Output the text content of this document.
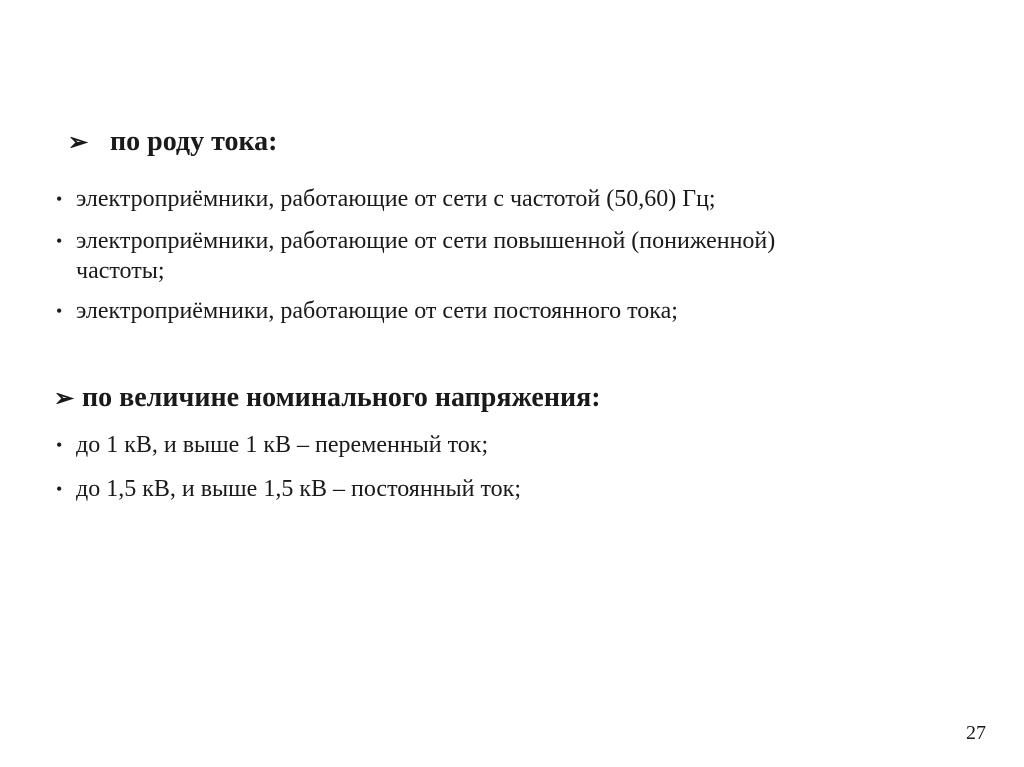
➢ по роду тока:
• электроприёмники, работающие от сети с частотой (50,60) Гц;
• электроприёмники, работающие от сети повышенной (пониженной)
частоты;
• электроприёмники, работающие от сети постоянного тока;
➢ по величине номинального напряжения:
• до 1 кВ, и выше 1 кВ – переменный ток;
• до 1,5 кВ, и выше 1,5 кВ – постоянный ток;
27
